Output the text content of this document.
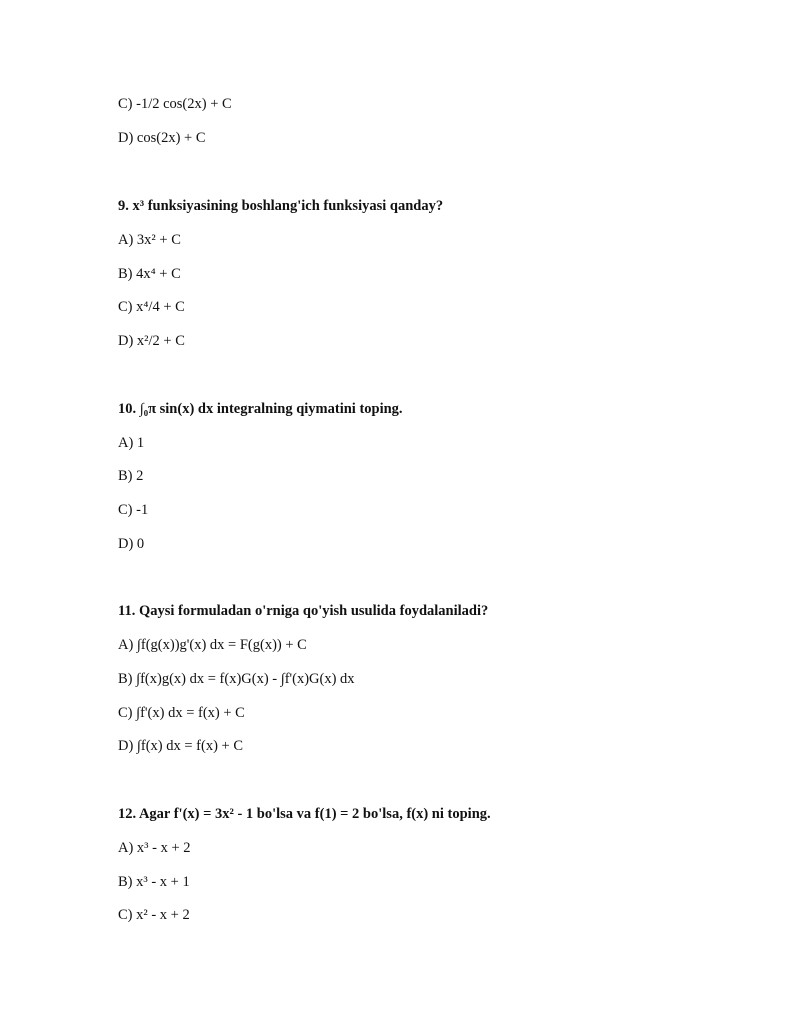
C) -1/2 cos(2x) + C
D) cos(2x) + C
9. x³ funksiyasining boshlang'ich funksiyasi qanday?
A) 3x² + C
B) 4x⁴ + C
C) x⁴/4 + C
D) x²/2 + C
10. ∫₀π sin(x) dx integralning qiymatini toping.
A) 1
B) 2
C) -1
D) 0
11. Qaysi formuladan o'rniga qo'yish usulida foydalaniladi?
A) ∫f(g(x))g'(x) dx = F(g(x)) + C
B) ∫f(x)g(x) dx = f(x)G(x) - ∫f'(x)G(x) dx
C) ∫f'(x) dx = f(x) + C
D) ∫f(x) dx = f(x) + C
12. Agar f'(x) = 3x² - 1 bo'lsa va f(1) = 2 bo'lsa, f(x) ni toping.
A) x³ - x + 2
B) x³ - x + 1
C) x² - x + 2
